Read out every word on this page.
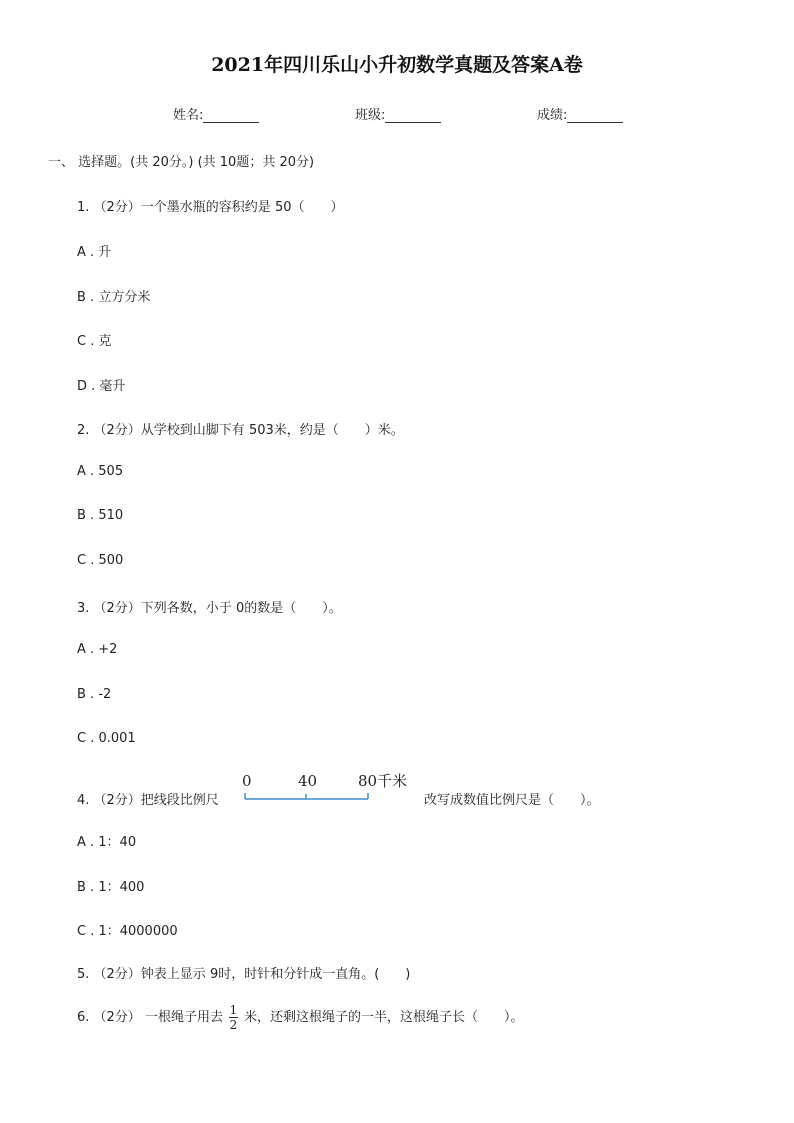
2021年四川乐山小升初数学真题及答案A卷
姓名:	班级:	成绩:
一、 选择题。(共 20分。) (共 10题；共 20分)
1. （2分）一个墨水瓶的容积约是 50（　　）
A . 升
B . 立方分米
C . 克
D . 毫升
2. （2分）从学校到山脚下有 503米，约是（　　）米。
A . 505
B . 510
C . 500
3. （2分）下列各数，小于 0的数是（　　）。
A . +2
B . -2
C . 0.001
4. （2分）把线段比例尺
0	40	80千米
改写成数值比例尺是（　　）。
A . 1：40
B . 1：400
C . 1：4000000
5. （2分）钟表上显示 9时，时针和分针成一直角。(　　)
6. （2分） 一根绳子用去 $\frac{1}{2}$ 米，还剩这根绳子的一半，这根绳子长（　　）。
